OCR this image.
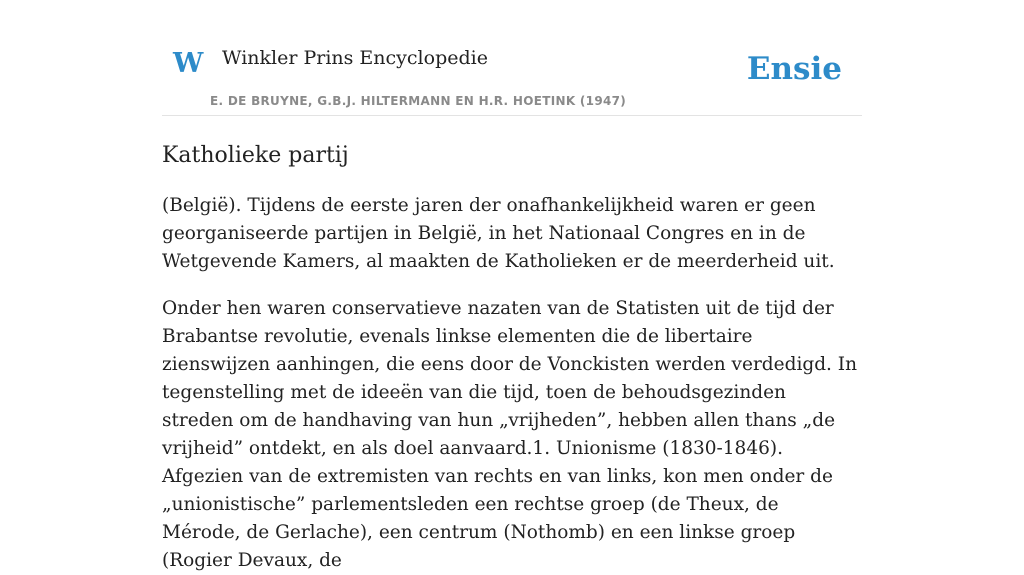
W Winkler Prins Encyclopedie
E. DE BRUYNE, G.B.J. HILTERMANN EN H.R. HOETINK (1947)
Ensie
Katholieke partij

(België). Tijdens de eerste jaren der onafhankelijkheid waren er geen georganiseerde partijen in België, in het Nationaal Congres en in de Wetgevende Kamers, al maakten de Katholieken er de meerderheid uit.

Onder hen waren conservatieve nazaten van de Statisten uit de tijd der Brabantse revolutie, evenals linkse elementen die de libertaire zienswijzen aanhingen, die eens door de Vonckisten werden verdedigd. In tegenstelling met de ideeën van die tijd, toen de behoudsgezinden streden om de handhaving van hun „vrijheden”, hebben allen thans „de vrijheid” ontdekt, en als doel aanvaard.1. Unionisme (1830-1846). Afgezien van de extremisten van rechts en van links, kon men onder de „unionistische” parlementsleden een rechtse groep (de Theux, de Mérode, de Gerlache), een centrum (Nothomb) en een linkse groep (Rogier Devaux, de
